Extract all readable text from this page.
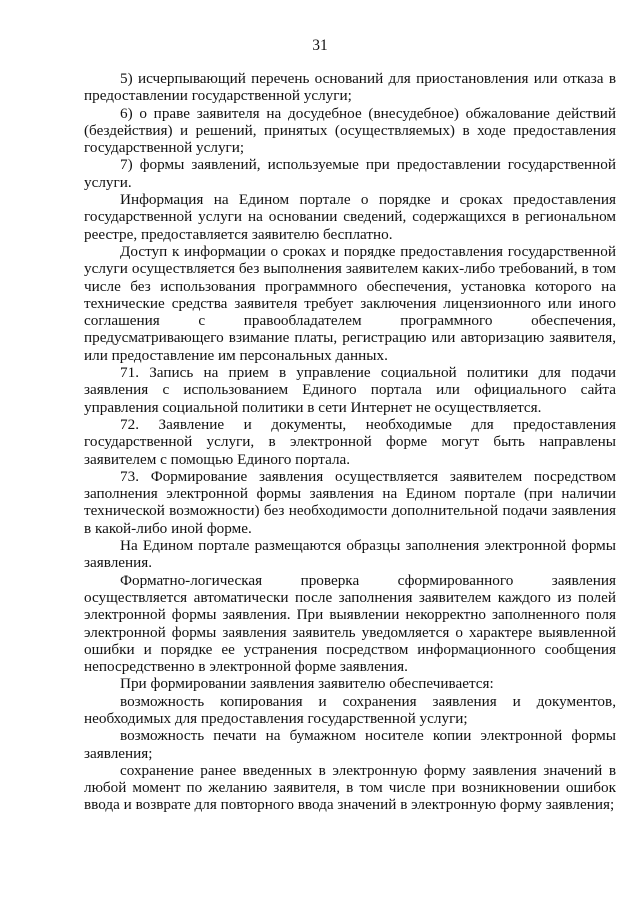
31

5) исчерпывающий перечень оснований для приостановления или отказа в предоставлении государственной услуги;

6) о праве заявителя на досудебное (внесудебное) обжалование действий (бездействия) и решений, принятых (осуществляемых) в ходе предоставления государственной услуги;

7) формы заявлений, используемые при предоставлении государственной услуги.

Информация на Едином портале о порядке и сроках предоставления государственной услуги на основании сведений, содержащихся в региональном реестре, предоставляется заявителю бесплатно.

Доступ к информации о сроках и порядке предоставления государственной услуги осуществляется без выполнения заявителем каких-либо требований, в том числе без использования программного обеспечения, установка которого на технические средства заявителя требует заключения лицензионного или иного соглашения с правообладателем программного обеспечения, предусматривающего взимание платы, регистрацию или авторизацию заявителя, или предоставление им персональных данных.

71. Запись на прием в управление социальной политики для подачи заявления с использованием Единого портала или официального сайта управления социальной политики в сети Интернет не осуществляется.

72. Заявление и документы, необходимые для предоставления государственной услуги, в электронной форме могут быть направлены заявителем с помощью Единого портала.

73. Формирование заявления осуществляется заявителем посредством заполнения электронной формы заявления на Едином портале (при наличии технической возможности) без необходимости дополнительной подачи заявления в какой-либо иной форме.

На Едином портале размещаются образцы заполнения электронной формы заявления.

Форматно-логическая проверка сформированного заявления осуществляется автоматически после заполнения заявителем каждого из полей электронной формы заявления. При выявлении некорректно заполненного поля электронной формы заявления заявитель уведомляется о характере выявленной ошибки и порядке ее устранения посредством информационного сообщения непосредственно в электронной форме заявления.

При формировании заявления заявителю обеспечивается:

возможность копирования и сохранения заявления и документов, необходимых для предоставления государственной услуги;

возможность печати на бумажном носителе копии электронной формы заявления;

сохранение ранее введенных в электронную форму заявления значений в любой момент по желанию заявителя, в том числе при возникновении ошибок ввода и возврате для повторного ввода значений в электронную форму заявления;
